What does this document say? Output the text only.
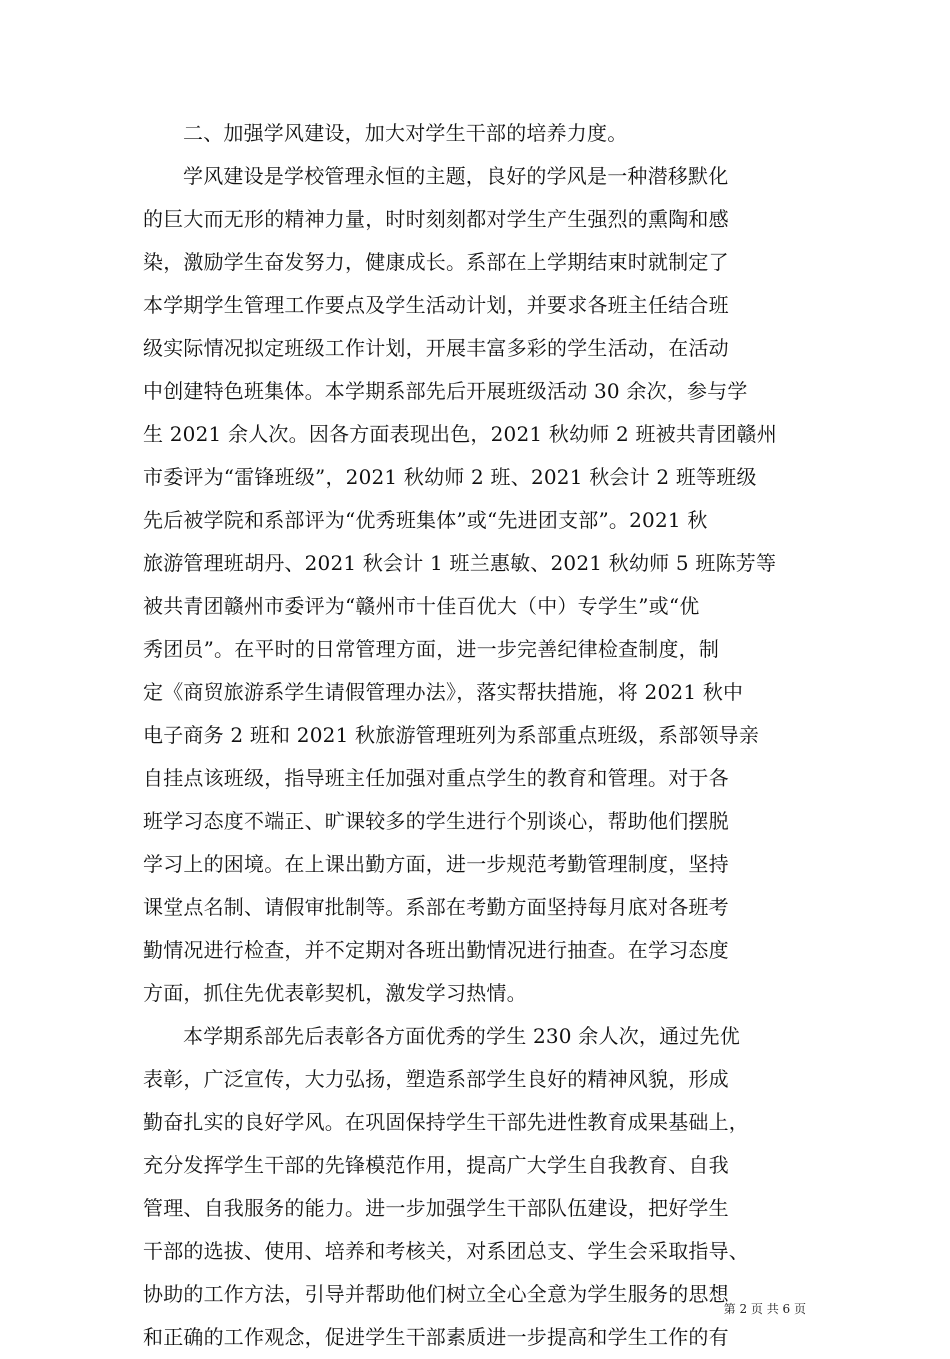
二、加强学风建设，加大对学生干部的培养力度。
学风建设是学校管理永恒的主题，良好的学风是一种潜移默化
的巨大而无形的精神力量，时时刻刻都对学生产生强烈的熏陶和感
染，激励学生奋发努力，健康成长。系部在上学期结束时就制定了
本学期学生管理工作要点及学生活动计划，并要求各班主任结合班
级实际情况拟定班级工作计划，开展丰富多彩的学生活动，在活动
中创建特色班集体。本学期系部先后开展班级活动 30 余次，参与学
生 2021 余人次。因各方面表现出色，2021 秋幼师 2 班被共青团赣州
市委评为“雷锋班级”，2021 秋幼师 2 班、2021 秋会计 2 班等班级
先后被学院和系部评为“优秀班集体”或“先进团支部”。2021 秋
旅游管理班胡丹、2021 秋会计 1 班兰惠敏、2021 秋幼师 5 班陈芳等
被共青团赣州市委评为“赣州市十佳百优大（中）专学生”或“优
秀团员”。在平时的日常管理方面，进一步完善纪律检查制度，制
定《商贸旅游系学生请假管理办法》，落实帮扶措施，将 2021 秋中
电子商务 2 班和 2021 秋旅游管理班列为系部重点班级，系部领导亲
自挂点该班级，指导班主任加强对重点学生的教育和管理。对于各
班学习态度不端正、旷课较多的学生进行个别谈心，帮助他们摆脱
学习上的困境。在上课出勤方面，进一步规范考勤管理制度，坚持
课堂点名制、请假审批制等。系部在考勤方面坚持每月底对各班考
勤情况进行检查，并不定期对各班出勤情况进行抽查。在学习态度
方面，抓住先优表彰契机，激发学习热情。
本学期系部先后表彰各方面优秀的学生 230 余人次，通过先优
表彰，广泛宣传，大力弘扬，塑造系部学生良好的精神风貌，形成
勤奋扎实的良好学风。在巩固保持学生干部先进性教育成果基础上，
充分发挥学生干部的先锋模范作用，提高广大学生自我教育、自我
管理、自我服务的能力。进一步加强学生干部队伍建设，把好学生
干部的选拔、使用、培养和考核关，对系团总支、学生会采取指导、
协助的工作方法，引导并帮助他们树立全心全意为学生服务的思想
和正确的工作观念，促进学生干部素质进一步提高和学生工作的有
第 2 页 共 6 页
